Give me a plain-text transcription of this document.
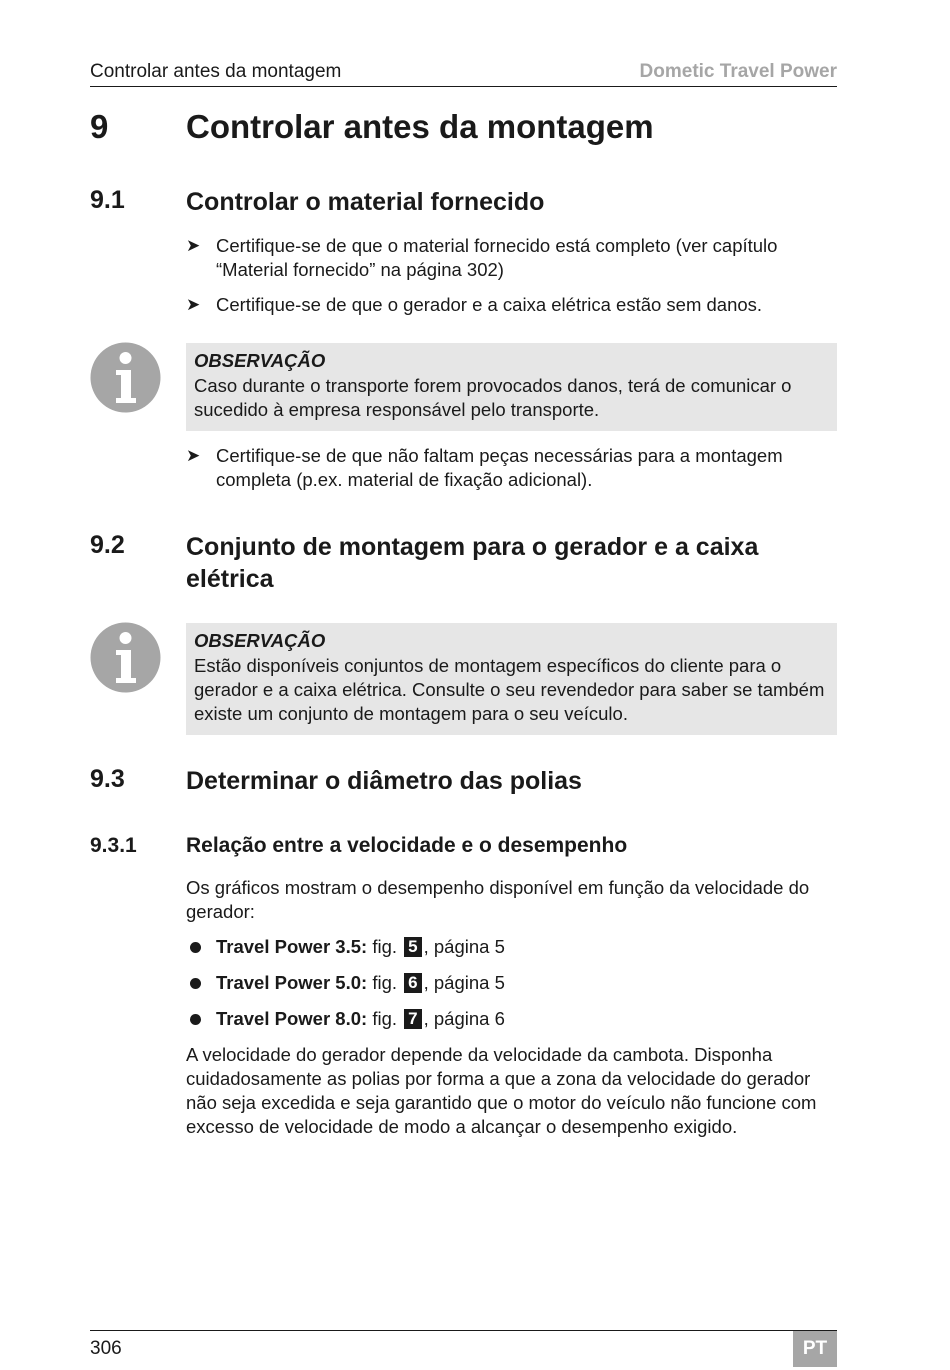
Controlar antes da montagem	Dometic Travel Power
9 Controlar antes da montagem
9.1 Controlar o material fornecido
➤ Certifique-se de que o material fornecido está completo (ver capítulo “Material fornecido” na página 302)
➤ Certifique-se de que o gerador e a caixa elétrica estão sem danos.
OBSERVAÇÃO
Caso durante o transporte forem provocados danos, terá de comunicar o sucedido à empresa responsável pelo transporte.
➤ Certifique-se de que não faltam peças necessárias para a montagem completa (p.ex. material de fixação adicional).
9.2 Conjunto de montagem para o gerador e a caixa elétrica
OBSERVAÇÃO
Estão disponíveis conjuntos de montagem específicos do cliente para o gerador e a caixa elétrica. Consulte o seu revendedor para saber se também existe um conjunto de montagem para o seu veículo.
9.3 Determinar o diâmetro das polias
9.3.1 Relação entre a velocidade e o desempenho
Os gráficos mostram o desempenho disponível em função da velocidade do gerador:
Travel Power 3.5: fig. 5 , página 5
Travel Power 5.0: fig. 6 , página 5
Travel Power 8.0: fig. 7 , página 6
A velocidade do gerador depende da velocidade da cambota. Disponha cuidadosamente as polias por forma a que a zona da velocidade do gerador não seja excedida e seja garantido que o motor do veículo não funcione com excesso de velocidade de modo a alcançar o desempenho exigido.
306	PT
